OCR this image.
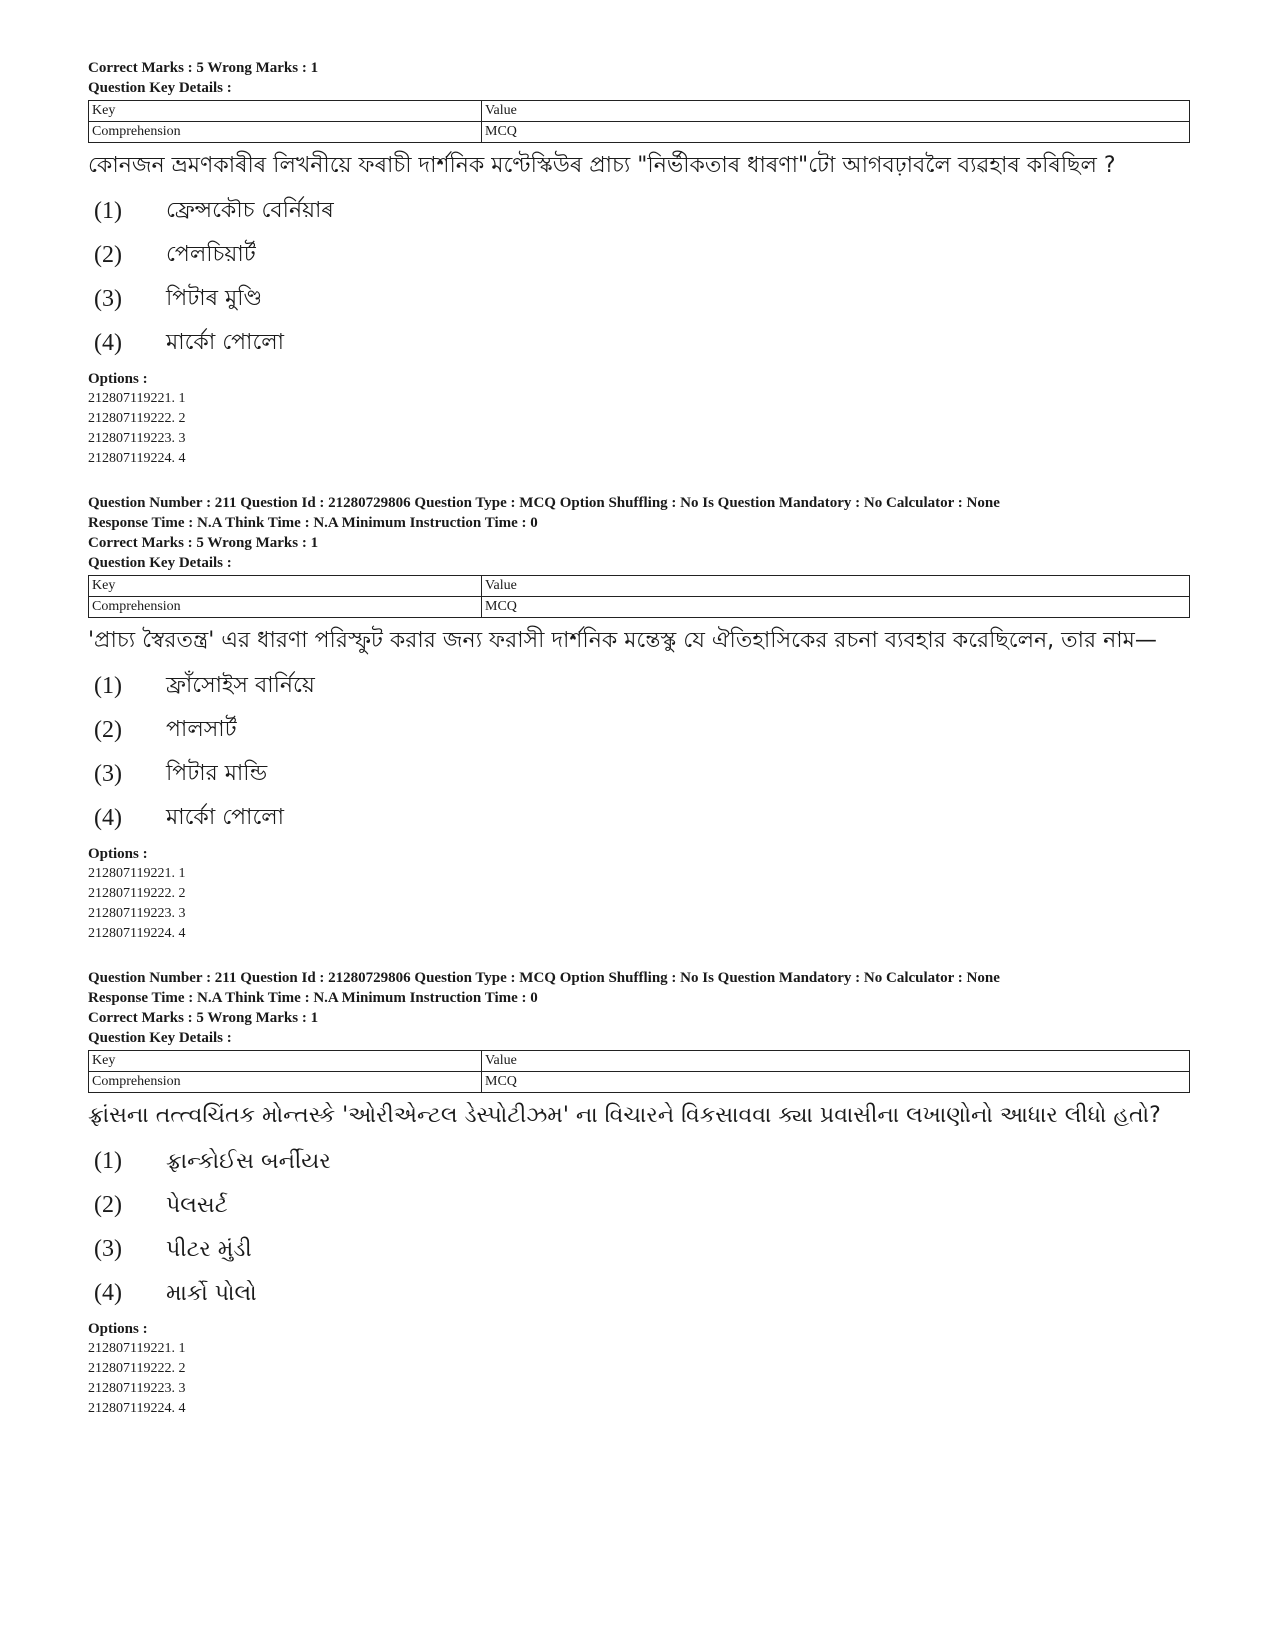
Correct Marks : 5 Wrong Marks : 1
Question Key Details :
Key	Value
Comprehension	MCQ
কোনজন ভ্ৰমণকাৰীৰ লিখনীয়ে ফৰাচী দাৰ্শনিক মণ্টেস্কিউৰ প্ৰাচ্য "নিৰ্ভীকতাৰ ধাৰণা"টো আগবঢ়াবলৈ ব্যৱহাৰ কৰিছিল ?
(1)	ফ্ৰেন্সকৌচ বেৰ্নিয়াৰ
(2)	পেলচিয়াৰ্ট
(3)	পিটাৰ মুণ্ডি
(4)	মাৰ্কো পোলো
Options :
212807119221. 1
212807119222. 2
212807119223. 3
212807119224. 4
Question Number : 211 Question Id : 21280729806 Question Type : MCQ Option Shuffling : No Is Question Mandatory : No Calculator : None
Response Time : N.A Think Time : N.A Minimum Instruction Time : 0
Correct Marks : 5 Wrong Marks : 1
Question Key Details :
Key	Value
Comprehension	MCQ
'প্রাচ্য স্বৈরতন্ত্র' এর ধারণা পরিস্ফুট করার জন্য ফরাসী দার্শনিক মন্তেস্কু যে ঐতিহাসিকের রচনা ব্যবহার করেছিলেন, তার নাম—
(1)	ফ্রাঁসোইস বার্নিয়ে
(2)	পালসার্ট
(3)	পিটার মান্ডি
(4)	মার্কো পোলো
Options :
212807119221. 1
212807119222. 2
212807119223. 3
212807119224. 4
Question Number : 211 Question Id : 21280729806 Question Type : MCQ Option Shuffling : No Is Question Mandatory : No Calculator : None
Response Time : N.A Think Time : N.A Minimum Instruction Time : 0
Correct Marks : 5 Wrong Marks : 1
Question Key Details :
Key	Value
Comprehension	MCQ
ફ્રાંસના તત્ત્વચિંતક મોન્તસ્કે 'ઓરીએન્ટલ ડેસ્પોટીઝમ' ના વિચારને વિકસાવવા ક્યા પ્રવાસીના લખાણોનો આધાર લીધો હતો?
(1)	ફ્રાન્કોઈસ બર્નીયર
(2)	પેલસર્ટ
(3)	પીટર મુંડી
(4)	માર્કો પોલો
Options :
212807119221. 1
212807119222. 2
212807119223. 3
212807119224. 4
